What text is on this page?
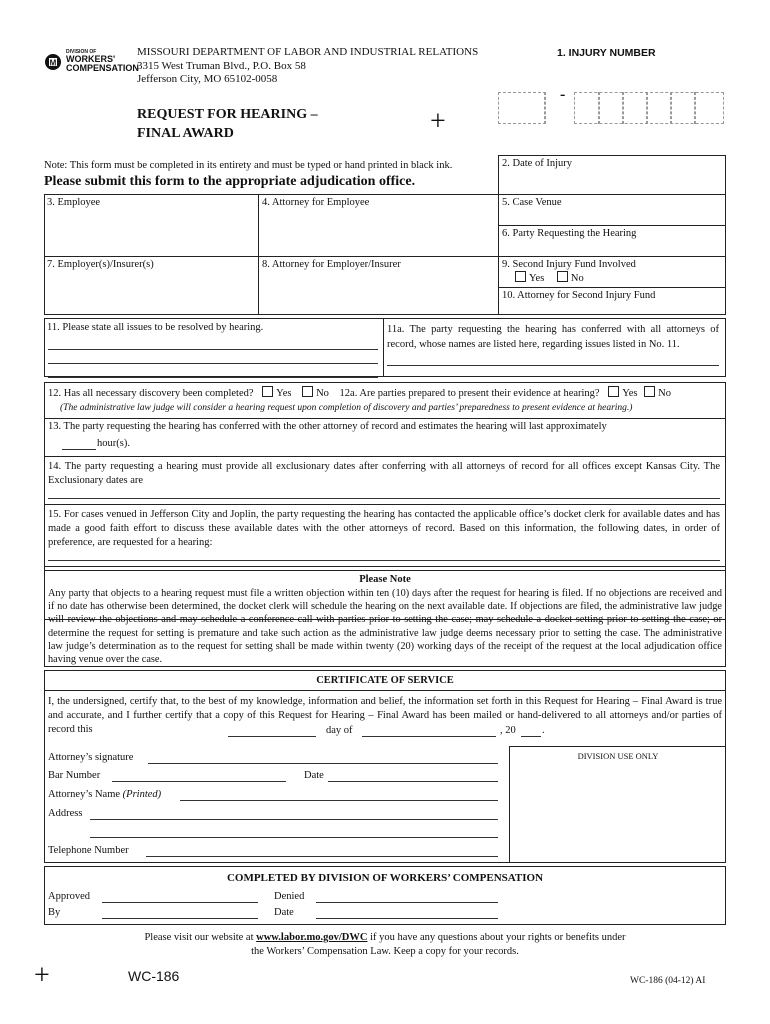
M
DIVISION OF
WORKERS'
COMPENSATION
MISSOURI DEPARTMENT OF LABOR AND INDUSTRIAL RELATIONS
3315 West Truman Blvd., P.O. Box 58
Jefferson City, MO 65102-0058
1. INJURY NUMBER
-
REQUEST FOR HEARING –
FINAL AWARD	+
Note: This form must be completed in its entirety and must be typed or hand printed in black ink.
Please submit this form to the appropriate adjudication office.
2. Date of Injury
3. Employee	4. Attorney for Employee	5. Case Venue
6. Party Requesting the Hearing
7. Employer(s)/Insurer(s)	8. Attorney for Employer/Insurer	9. Second Injury Fund Involved
Yes	No
10. Attorney for Second Injury Fund
11. Please state all issues to be resolved by hearing.	11a. The party requesting the hearing has conferred with all attorneys of record, whose names are listed here, regarding issues listed in No. 11.
12. Has all necessary discovery been completed? Yes No 12a. Are parties prepared to present their evidence at hearing? Yes No
(The administrative law judge will consider a hearing request upon completion of discovery and parties’ preparedness to present evidence at hearing.)
13. The party requesting the hearing has conferred with the other attorney of record and estimates the hearing will last approximately
hour(s).
14. The party requesting a hearing must provide all exclusionary dates after conferring with all attorneys of record for all offices except Kansas City. The Exclusionary dates are
15. For cases venued in Jefferson City and Joplin, the party requesting the hearing has contacted the applicable office’s docket clerk for available dates and has made a good faith effort to discuss these available dates with the other attorneys of record. Based on this information, the following dates, in order of preference, are requested for a hearing:
Please Note
Any party that objects to a hearing request must file a written objection within ten (10) days after the request for hearing is filed. If no objections are received and if no date has otherwise been determined, the docket clerk will schedule the hearing on the next available date. If objections are filed, the administrative law judge will review the objections and may schedule a conference call with parties prior to setting the case; may schedule a docket setting prior to setting the case; or determine the request for setting is premature and take such action as the administrative law judge deems necessary prior to setting the case. The administrative law judge’s determination as to the request for setting shall be made within twenty (20) working days of the receipt of the request at the local adjudication office having venue over the case.
CERTIFICATE OF SERVICE
I, the undersigned, certify that, to the best of my knowledge, information and belief, the information set forth in this Request for Hearing – Final Award is true and accurate, and I further certify that a copy of this Request for Hearing – Final Award has been mailed or hand-delivered to all attorneys and/or parties of record this	day of	, 20	.
Attorney’s signature
Bar Number	Date
Attorney’s Name (Printed)
Address
Telephone Number
DIVISION USE ONLY
COMPLETED BY DIVISION OF WORKERS’ COMPENSATION
Approved	Denied
By	Date
Please visit our website at www.labor.mo.gov/DWC if you have any questions about your rights or benefits under
the Workers’ Compensation Law. Keep a copy for your records.
+	WC-186	WC-186 (04-12) AI
